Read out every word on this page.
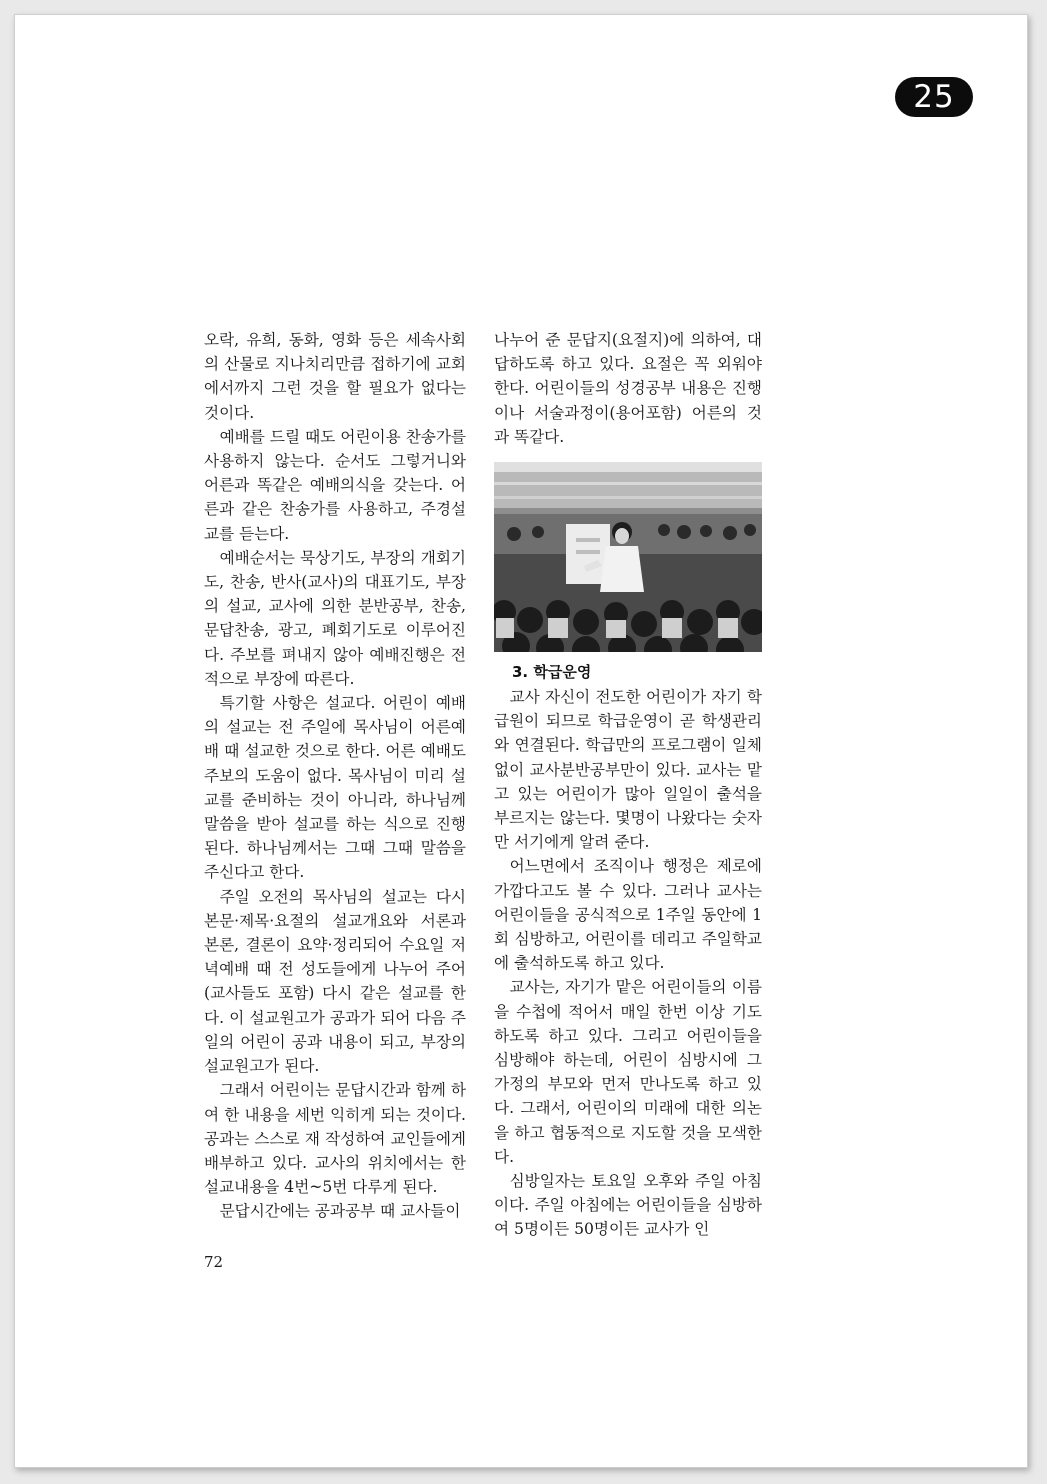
25

오락, 유희, 동화, 영화 등은 세속사회의 산물로 지나치리만큼 접하기에 교회에서까지 그런 것을 할 필요가 없다는 것이다.

예배를 드릴 때도 어린이용 찬송가를 사용하지 않는다. 순서도 그렇거니와 어른과 똑같은 예배의식을 갖는다. 어른과 같은 찬송가를 사용하고, 주경설교를 듣는다.

예배순서는 묵상기도, 부장의 개회기도, 찬송, 반사(교사)의 대표기도, 부장의 설교, 교사에 의한 분반공부, 찬송, 문답찬송, 광고, 폐회기도로 이루어진다. 주보를 펴내지 않아 예배진행은 전적으로 부장에 따른다.

특기할 사항은 설교다. 어린이 예배의 설교는 전 주일에 목사님이 어른예배 때 설교한 것으로 한다. 어른 예배도 주보의 도움이 없다. 목사님이 미리 설교를 준비하는 것이 아니라, 하나님께 말씀을 받아 설교를 하는 식으로 진행된다. 하나님께서는 그때 그때 말씀을 주신다고 한다.

주일 오전의 목사님의 설교는 다시 본문·제목·요절의 설교개요와 서론과 본론, 결론이 요약·정리되어 수요일 저녁예배 때 전 성도들에게 나누어 주어(교사들도 포함) 다시 같은 설교를 한다. 이 설교원고가 공과가 되어 다음 주일의 어린이 공과 내용이 되고, 부장의 설교원고가 된다.

그래서 어린이는 문답시간과 함께 하여 한 내용을 세번 익히게 되는 것이다. 공과는 스스로 재 작성하여 교인들에게 배부하고 있다. 교사의 위치에서는 한 설교내용을 4번~5번 다루게 된다.

문답시간에는 공과공부 때 교사들이

나누어 준 문답지(요절지)에 의하여, 대답하도록 하고 있다. 요절은 꼭 외워야 한다. 어린이들의 성경공부 내용은 진행이나 서술과정이(용어포함) 어른의 것과 똑같다.

3. 학급운영

교사 자신이 전도한 어린이가 자기 학급원이 되므로 학급운영이 곧 학생관리와 연결된다. 학급만의 프로그램이 일체없이 교사분반공부만이 있다. 교사는 맡고 있는 어린이가 많아 일일이 출석을 부르지는 않는다. 몇명이 나왔다는 숫자만 서기에게 알려 준다.

어느면에서 조직이나 행정은 제로에 가깝다고도 볼 수 있다. 그러나 교사는 어린이들을 공식적으로 1주일 동안에 1회 심방하고, 어린이를 데리고 주일학교에 출석하도록 하고 있다.

교사는, 자기가 맡은 어린이들의 이름을 수첩에 적어서 매일 한번 이상 기도하도록 하고 있다. 그리고 어린이들을 심방해야 하는데, 어린이 심방시에 그 가정의 부모와 먼저 만나도록 하고 있다. 그래서, 어린이의 미래에 대한 의논을 하고 협동적으로 지도할 것을 모색한다.

심방일자는 토요일 오후와 주일 아침이다. 주일 아침에는 어린이들을 심방하여 5명이든 50명이든 교사가 인

72
